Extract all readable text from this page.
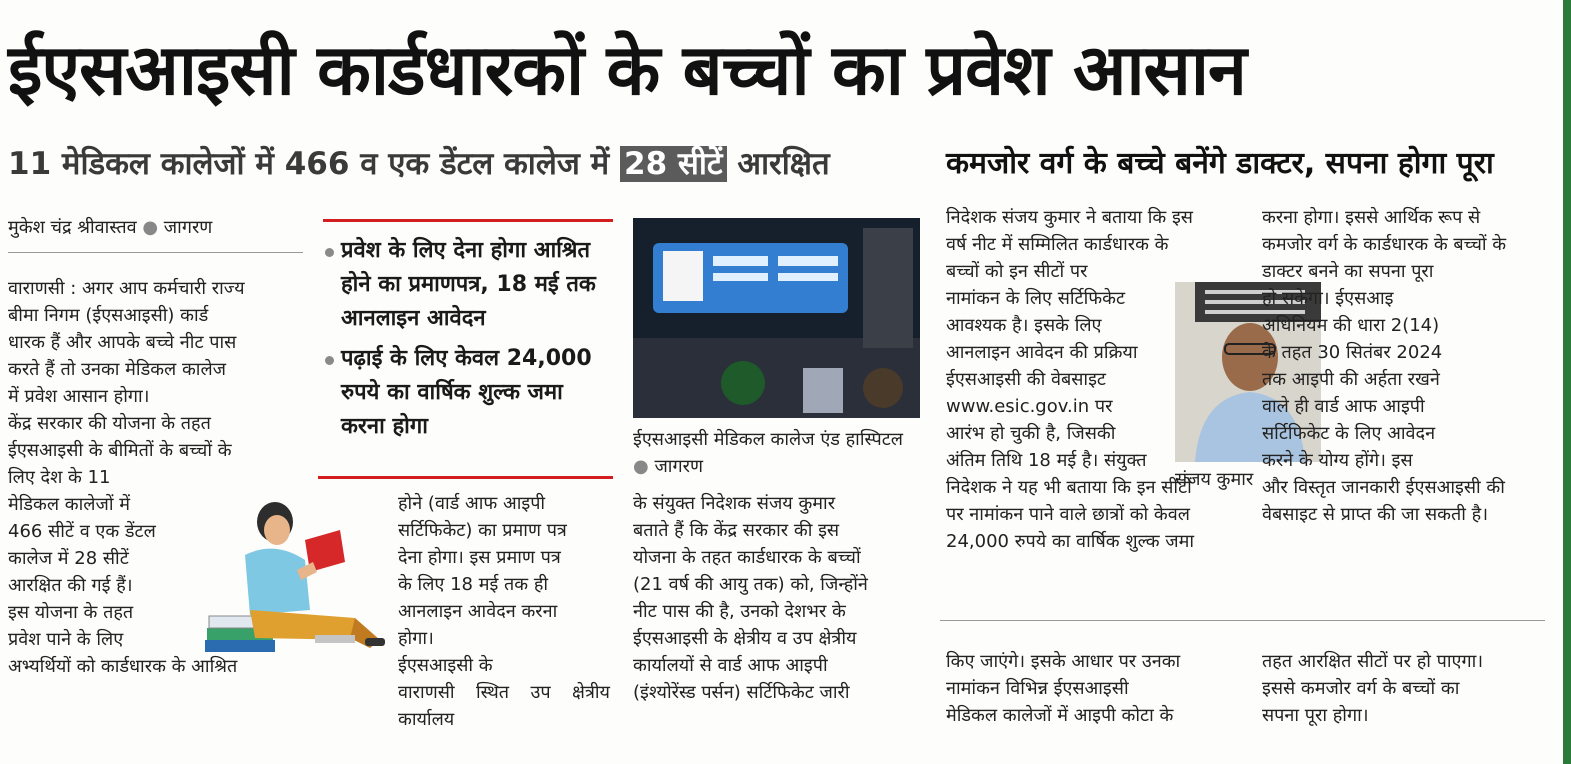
ईएसआइसी कार्डधारकों के बच्चों का प्रवेश आसान
11 मेडिकल कालेजों में 466 व एक डेंटल कालेज में 28 सीटें आरक्षित	कमजोर वर्ग के बच्चे बनेंगे डाक्टर, सपना होगा पूरा
मुकेश चंद्र श्रीवास्तव ● जागरण

वाराणसी : अगर आप कर्मचारी राज्य

बीमा निगम (ईएसआइसी) कार्ड

धारक हैं और आपके बच्चे नीट पास

करते हैं तो उनका मेडिकल कालेज

में प्रवेश आसान होगा।

केंद्र सरकार की योजना के तहत

ईएसआइसी के बीमितों के बच्चों के

लिए देश के 11

मेडिकल कालेजों में

466 सीटें व एक डेंटल

कालेज में 28 सीटें

आरक्षित की गई हैं।

इस योजना के तहत

प्रवेश पाने के लिए

अभ्यर्थियों को कार्डधारक के आश्रित

प्रवेश के लिए देना होगा आश्रित होने का प्रमाणपत्र, 18 मई तक आनलाइन आवेदन
पढ़ाई के लिए केवल 24,000 रुपये का वार्षिक शुल्क जमा करना होगा

होने (वार्ड आफ आइपी

सर्टिफिकेट) का प्रमाण पत्र

देना होगा। इस प्रमाण पत्र

के लिए 18 मई तक ही

आनलाइन आवेदन करना

होगा।

ईएसआइसी के

वाराणसी स्थित उप क्षेत्रीय कार्यालय

ईएसआइसी मेडिकल कालेज एंड हास्पिटल ● जागरण

के संयुक्त निदेशक संजय कुमार

बताते हैं कि केंद्र सरकार की इस

योजना के तहत कार्डधारक के बच्चों

(21 वर्ष की आयु तक) को, जिन्होंने

नीट पास की है, उनको देशभर के

ईएसआइसी के क्षेत्रीय व उप क्षेत्रीय

कार्यालयों से वार्ड आफ आइपी

(इंश्योरेंस्ड पर्सन) सर्टिफिकेट जारी

निदेशक संजय कुमार ने बताया कि इस

वर्ष नीट में सम्मिलित कार्डधारक के

बच्चों को इन सीटों पर

नामांकन के लिए सर्टिफिकेट

आवश्यक है। इसके लिए

आनलाइन आवेदन की प्रक्रिया

ईएसआइसी की वेबसाइट

www.esic.gov.in पर

आरंभ हो चुकी है, जिसकी

अंतिम तिथि 18 मई है। संयुक्त

निदेशक ने यह भी बताया कि इन सीटों

पर नामांकन पाने वाले छात्रों को केवल

24,000 रुपये का वार्षिक शुल्क जमा

संजय कुमार

करना होगा। इससे आर्थिक रूप से

कमजोर वर्ग के कार्डधारक के बच्चों के

डाक्टर बनने का सपना पूरा

हो सकेगा। ईएसआइ

अधिनियम की धारा 2(14)

के तहत 30 सितंबर 2024

तक आइपी की अर्हता रखने

वाले ही वार्ड आफ आइपी

सर्टिफिकेट के लिए आवेदन

करने के योग्य होंगे। इस

और विस्तृत जानकारी ईएसआइसी की

वेबसाइट से प्राप्त की जा सकती है।

किए जाएंगे। इसके आधार पर उनका

नामांकन विभिन्न ईएसआइसी

मेडिकल कालेजों में आइपी कोटा के

तहत आरक्षित सीटों पर हो पाएगा।

इससे कमजोर वर्ग के बच्चों का

सपना पूरा होगा।
